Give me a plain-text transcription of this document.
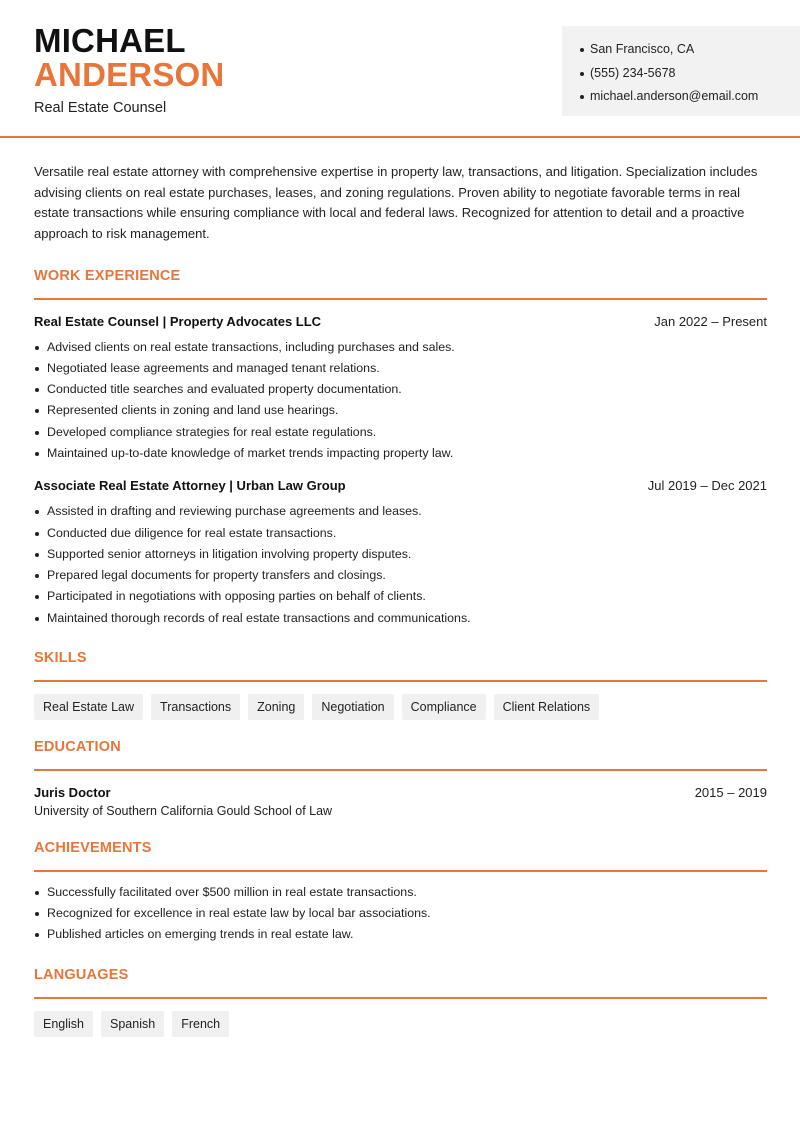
MICHAEL
ANDERSON
Real Estate Counsel
San Francisco, CA
(555) 234-5678
michael.anderson@email.com

Versatile real estate attorney with comprehensive expertise in property law, transactions, and litigation. Specialization includes advising clients on real estate purchases, leases, and zoning regulations. Proven ability to negotiate favorable terms in real estate transactions while ensuring compliance with local and federal laws. Recognized for attention to detail and a proactive approach to risk management.

WORK EXPERIENCE
Real Estate Counsel | Property Advocates LLC	Jan 2022 – Present
Advised clients on real estate transactions, including purchases and sales.
Negotiated lease agreements and managed tenant relations.
Conducted title searches and evaluated property documentation.
Represented clients in zoning and land use hearings.
Developed compliance strategies for real estate regulations.
Maintained up-to-date knowledge of market trends impacting property law.
Associate Real Estate Attorney | Urban Law Group	Jul 2019 – Dec 2021
Assisted in drafting and reviewing purchase agreements and leases.
Conducted due diligence for real estate transactions.
Supported senior attorneys in litigation involving property disputes.
Prepared legal documents for property transfers and closings.
Participated in negotiations with opposing parties on behalf of clients.
Maintained thorough records of real estate transactions and communications.
SKILLS
Real Estate Law	Transactions	Zoning	Negotiation	Compliance	Client Relations
EDUCATION
Juris Doctor	2015 – 2019
University of Southern California Gould School of Law
ACHIEVEMENTS
Successfully facilitated over $500 million in real estate transactions.
Recognized for excellence in real estate law by local bar associations.
Published articles on emerging trends in real estate law.
LANGUAGES
English	Spanish	French
